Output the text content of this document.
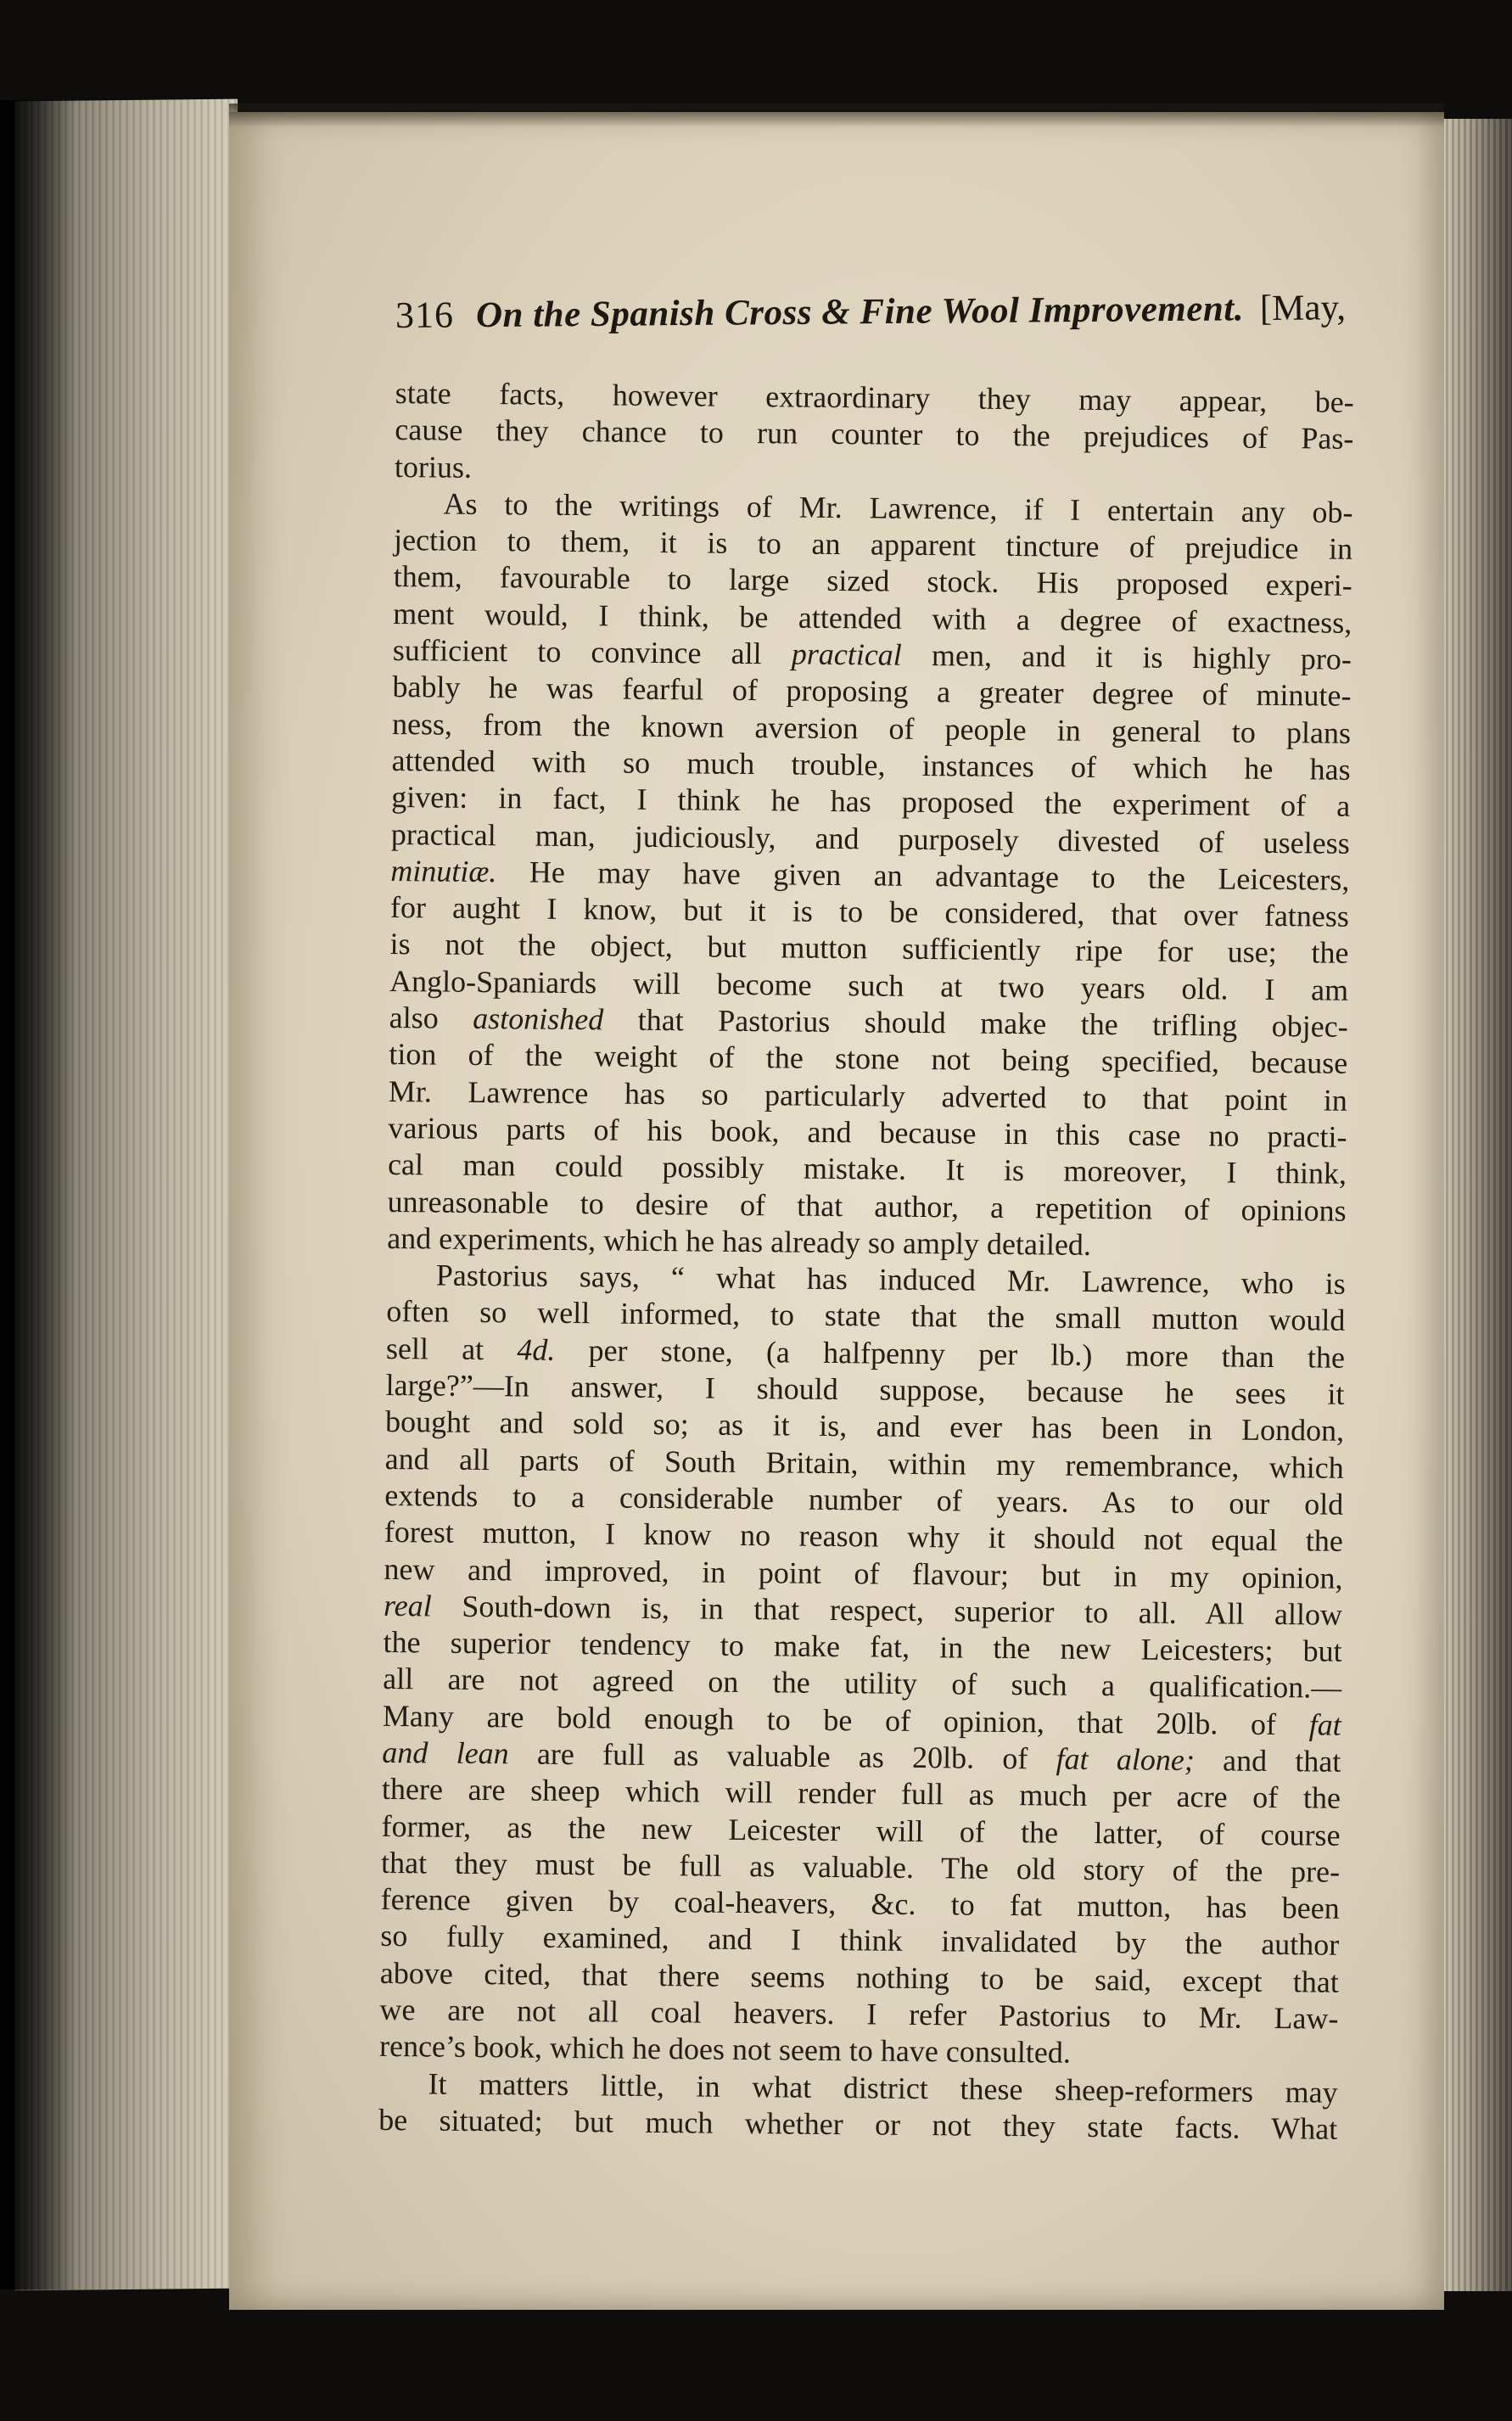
316 On the Spanish Cross & Fine Wool Improvement. [May,
state facts, however extraordinary they may appear, be-
cause they chance to run counter to the prejudices of Pas-
torius.
As to the writings of Mr. Lawrence, if I entertain any ob-
jection to them, it is to an apparent tincture of prejudice in
them, favourable to large sized stock. His proposed experi-
ment would, I think, be attended with a degree of exactness,
sufficient to convince all practical men, and it is highly pro-
bably he was fearful of proposing a greater degree of minute-
ness, from the known aversion of people in general to plans
attended with so much trouble, instances of which he has
given: in fact, I think he has proposed the experiment of a
practical man, judiciously, and purposely divested of useless
minutiæ. He may have given an advantage to the Leicesters,
for aught I know, but it is to be considered, that over fatness
is not the object, but mutton sufficiently ripe for use; the
Anglo-Spaniards will become such at two years old. I am
also astonished that Pastorius should make the trifling objec-
tion of the weight of the stone not being specified, because
Mr. Lawrence has so particularly adverted to that point in
various parts of his book, and because in this case no practi-
cal man could possibly mistake. It is moreover, I think,
unreasonable to desire of that author, a repetition of opinions
and experiments, which he has already so amply detailed.
Pastorius says, “ what has induced Mr. Lawrence, who is
often so well informed, to state that the small mutton would
sell at 4d. per stone, (a halfpenny per lb.) more than the
large?”—In answer, I should suppose, because he sees it
bought and sold so; as it is, and ever has been in London,
and all parts of South Britain, within my remembrance, which
extends to a considerable number of years. As to our old
forest mutton, I know no reason why it should not equal the
new and improved, in point of flavour; but in my opinion,
real South-down is, in that respect, superior to all. All allow
the superior tendency to make fat, in the new Leicesters; but
all are not agreed on the utility of such a qualification.—
Many are bold enough to be of opinion, that 20lb. of fat
and lean are full as valuable as 20lb. of fat alone; and that
there are sheep which will render full as much per acre of the
former, as the new Leicester will of the latter, of course
that they must be full as valuable. The old story of the pre-
ference given by coal-heavers, &c. to fat mutton, has been
so fully examined, and I think invalidated by the author
above cited, that there seems nothing to be said, except that
we are not all coal heavers. I refer Pastorius to Mr. Law-
rence’s book, which he does not seem to have consulted.
It matters little, in what district these sheep-reformers may
be situated; but much whether or not they state facts. What
